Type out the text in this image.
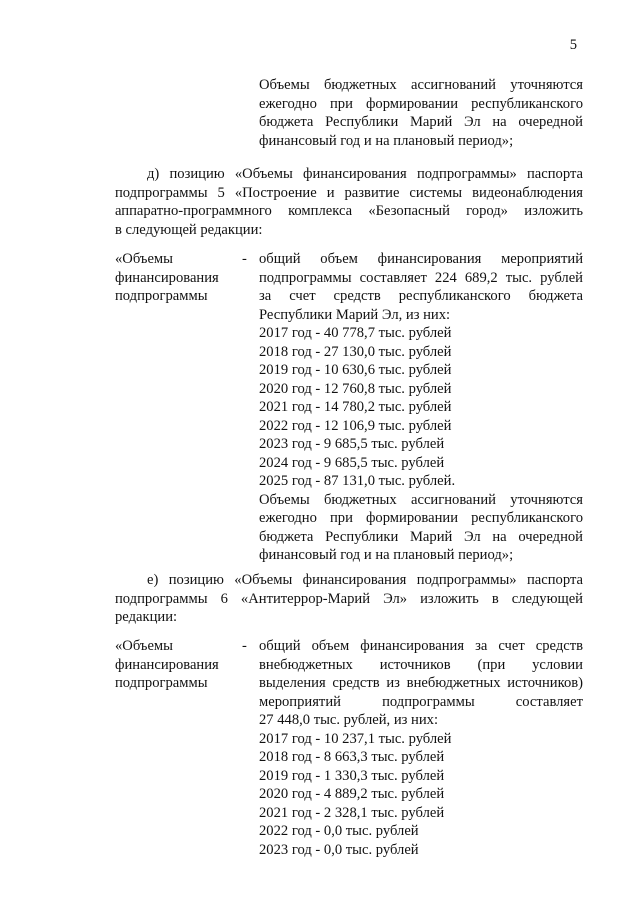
5
Объемы бюджетных ассигнований уточняются
ежегодно при формировании республиканского
бюджета Республики Марий Эл на очередной
финансовый год и на плановый период»;
д) позицию «Объемы финансирования подпрограммы» паспорта
подпрограммы 5 «Построение и развитие системы видеонаблюдения
аппаратно-программного комплекса «Безопасный город» изложить
в следующей редакции:
«Объемы
финансирования
подпрограммы
- общий объем финансирования мероприятий
подпрограммы составляет 224 689,2 тыс. рублей
за счет средств республиканского бюджета
Республики Марий Эл, из них:
2017 год - 40 778,7 тыс. рублей
2018 год - 27 130,0 тыс. рублей
2019 год - 10 630,6 тыс. рублей
2020 год - 12 760,8 тыс. рублей
2021 год - 14 780,2 тыс. рублей
2022 год - 12 106,9 тыс. рублей
2023 год - 9 685,5 тыс. рублей
2024 год - 9 685,5 тыс. рублей
2025 год - 87 131,0 тыс. рублей.
Объемы бюджетных ассигнований уточняются
ежегодно при формировании республиканского
бюджета Республики Марий Эл на очередной
финансовый год и на плановый период»;
е) позицию «Объемы финансирования подпрограммы» паспорта
подпрограммы 6 «Антитеррор-Марий Эл» изложить в следующей
редакции:
«Объемы
финансирования
подпрограммы
- общий объем финансирования за счет средств
внебюджетных источников (при условии
выделения средств из внебюджетных источников)
мероприятий подпрограммы составляет
27 448,0 тыс. рублей, из них:
2017 год - 10 237,1 тыс. рублей
2018 год - 8 663,3 тыс. рублей
2019 год - 1 330,3 тыс. рублей
2020 год - 4 889,2 тыс. рублей
2021 год - 2 328,1 тыс. рублей
2022 год - 0,0 тыс. рублей
2023 год - 0,0 тыс. рублей
